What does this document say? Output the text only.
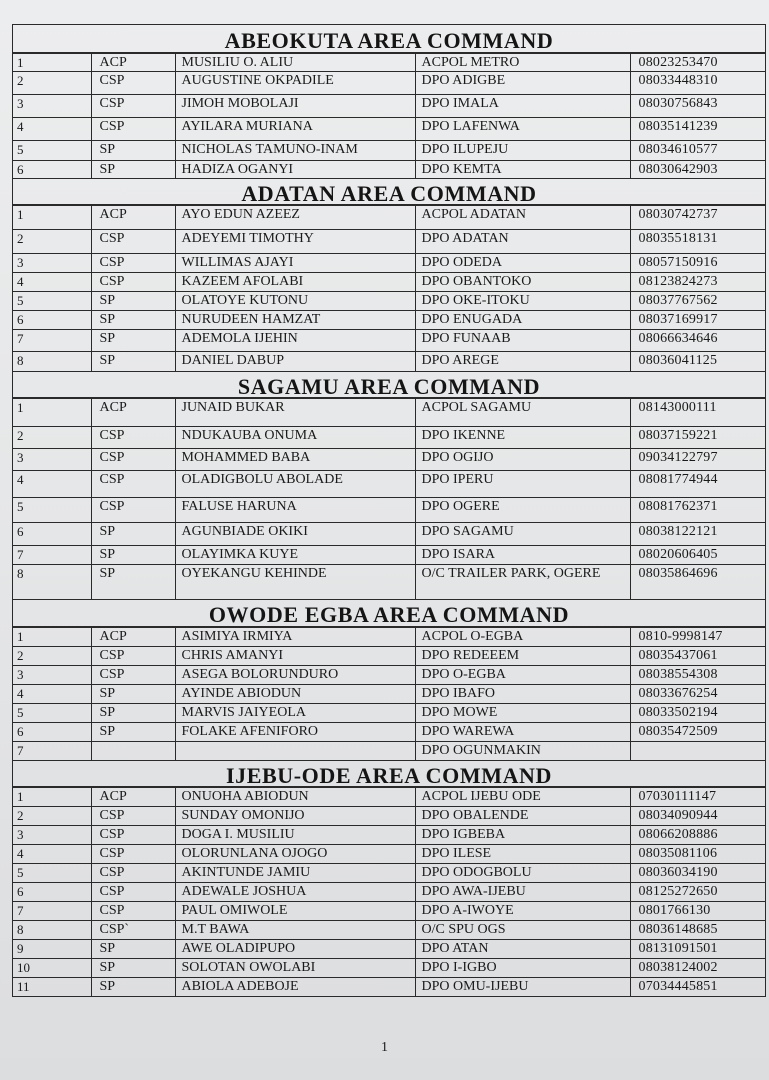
ABEOKUTA AREA COMMAND
1	ACP	MUSILIU O. ALIU	ACPOL METRO	08023253470
2	CSP	AUGUSTINE OKPADILE	DPO ADIGBE	08033448310
3	CSP	JIMOH MOBOLAJI	DPO IMALA	08030756843
4	CSP	AYILARA MURIANA	DPO LAFENWA	08035141239
5	SP	NICHOLAS TAMUNO-INAM	DPO ILUPEJU	08034610577
6	SP	HADIZA OGANYI	DPO KEMTA	08030642903
ADATAN AREA COMMAND
1	ACP	AYO EDUN AZEEZ	ACPOL ADATAN	08030742737
2	CSP	ADEYEMI TIMOTHY	DPO ADATAN	08035518131
3	CSP	WILLIMAS AJAYI	DPO ODEDA	08057150916
4	CSP	KAZEEM AFOLABI	DPO OBANTOKO	08123824273
5	SP	OLATOYE KUTONU	DPO OKE-ITOKU	08037767562
6	SP	NURUDEEN HAMZAT	DPO ENUGADA	08037169917
7	SP	ADEMOLA IJEHIN	DPO FUNAAB	08066634646
8	SP	DANIEL DABUP	DPO AREGE	08036041125
SAGAMU AREA COMMAND
1	ACP	JUNAID BUKAR	ACPOL SAGAMU	08143000111
2	CSP	NDUKAUBA ONUMA	DPO IKENNE	08037159221
3	CSP	MOHAMMED BABA	DPO OGIJO	09034122797
4	CSP	OLADIGBOLU ABOLADE	DPO IPERU	08081774944
5	CSP	FALUSE HARUNA	DPO OGERE	08081762371
6	SP	AGUNBIADE OKIKI	DPO SAGAMU	08038122121
7	SP	OLAYIMKA KUYE	DPO ISARA	08020606405
8	SP	OYEKANGU KEHINDE	O/C TRAILER PARK, OGERE	08035864696
OWODE EGBA AREA COMMAND
1	ACP	ASIMIYA IRMIYA	ACPOL O-EGBA	0810-9998147
2	CSP	CHRIS AMANYI	DPO REDEEEM	08035437061
3	CSP	ASEGA BOLORUNDURO	DPO O-EGBA	08038554308
4	SP	AYINDE ABIODUN	DPO IBAFO	08033676254
5	SP	MARVIS JAIYEOLA	DPO MOWE	08033502194
6	SP	FOLAKE AFENIFORO	DPO WAREWA	08035472509
7			DPO OGUNMAKIN	
IJEBU-ODE AREA COMMAND
1	ACP	ONUOHA ABIODUN	ACPOL IJEBU ODE	07030111147
2	CSP	SUNDAY OMONIJO	DPO OBALENDE	08034090944
3	CSP	DOGA I. MUSILIU	DPO IGBEBA	08066208886
4	CSP	OLORUNLANA OJOGO	DPO ILESE	08035081106
5	CSP	AKINTUNDE JAMIU	DPO ODOGBOLU	08036034190
6	CSP	ADEWALE JOSHUA	DPO AWA-IJEBU	08125272650
7	CSP	PAUL OMIWOLE	DPO A-IWOYE	0801766130
8	CSP`	M.T BAWA	O/C SPU OGS	08036148685
9	SP	AWE OLADIPUPO	DPO ATAN	08131091501
10	SP	SOLOTAN OWOLABI	DPO I-IGBO	08038124002
11	SP	ABIOLA ADEBOJE	DPO OMU-IJEBU	07034445851
1
